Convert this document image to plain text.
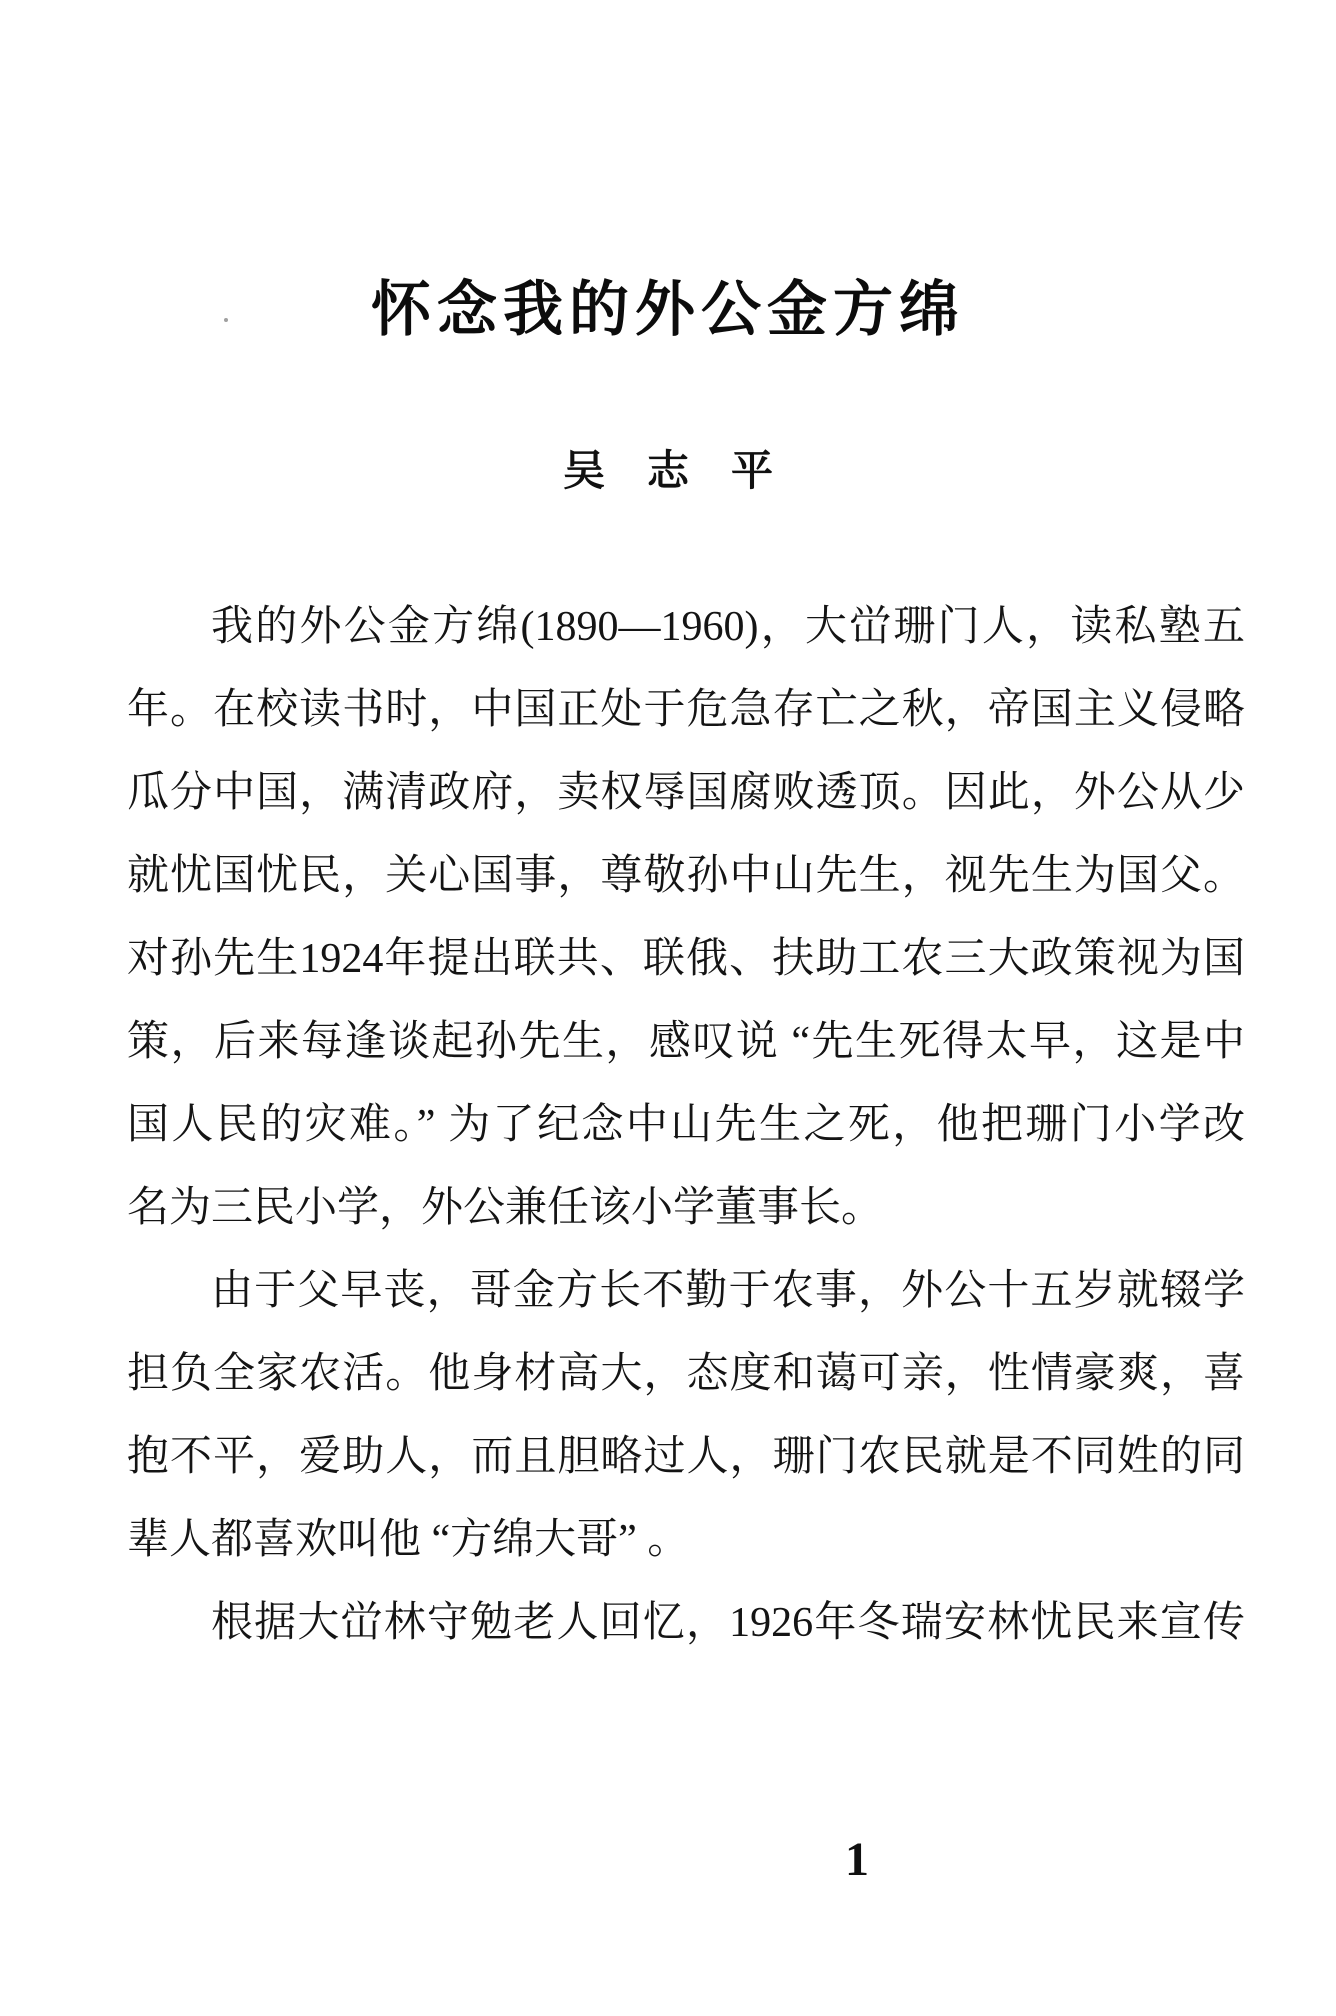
怀念我的外公金方绵
吴　志　平
我的外公金方绵(1890—1960)，大峃珊门人，读私塾五
年。在校读书时，中国正处于危急存亡之秋，帝国主义侵略
瓜分中国，满清政府，卖权辱国腐败透顶。因此，外公从少
就忧国忧民，关心国事，尊敬孙中山先生，视先生为国父。
对孙先生1924年提出联共、联俄、扶助工农三大政策视为国
策，后来每逢谈起孙先生，感叹说 “先生死得太早，这是中
国人民的灾难。” 为了纪念中山先生之死，他把珊门小学改
名为三民小学，外公兼任该小学董事长。
由于父早丧，哥金方长不勤于农事，外公十五岁就辍学
担负全家农活。他身材高大，态度和蔼可亲，性情豪爽，喜
抱不平，爱助人，而且胆略过人，珊门农民就是不同姓的同
辈人都喜欢叫他 “方绵大哥” 。
根据大峃林守勉老人回忆，1926年冬瑞安林忧民来宣传
1
